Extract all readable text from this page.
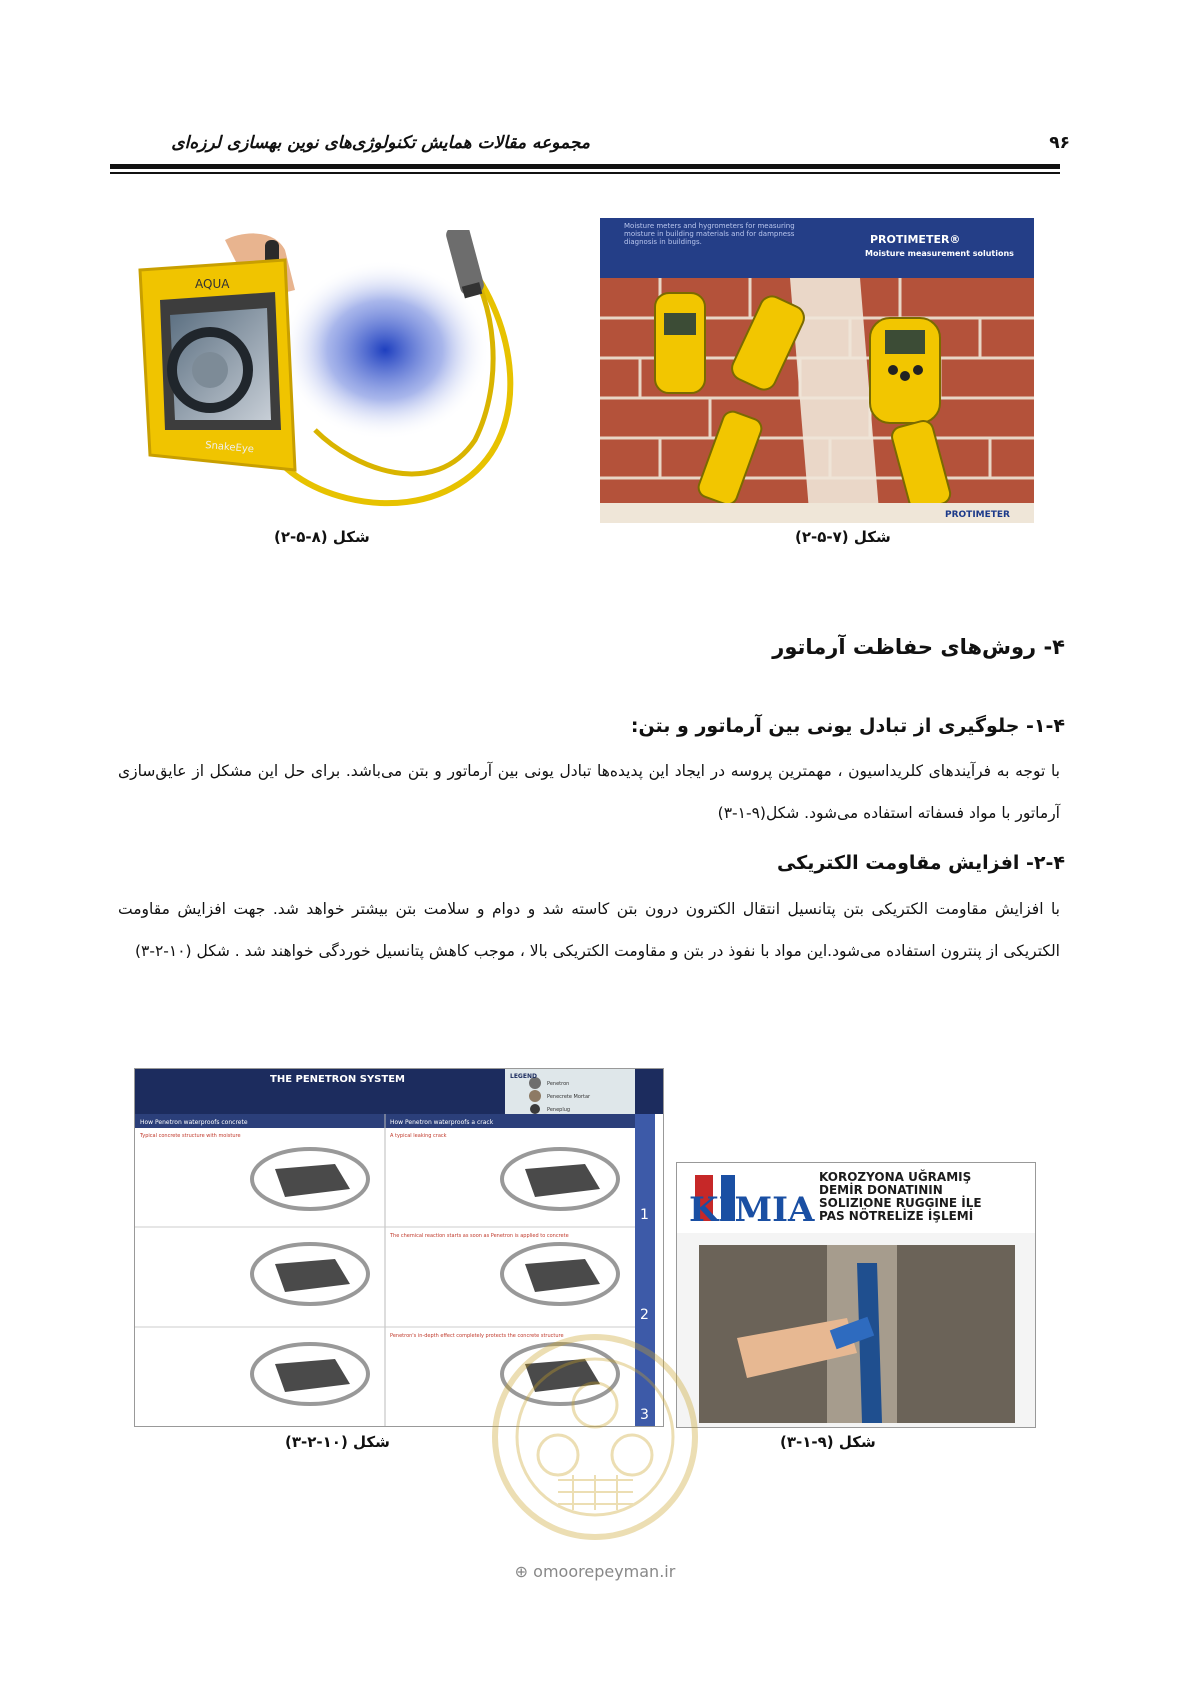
مجموعه مقالات همایش تکنولوژی‌های نوین بهسازی لرزه‌ای	۹۶
AQUA
SnakeEye
شکل (۸-۵-۲)
Moisture meters and hygrometers for measuring moisture in building materials and for dampness diagnosis in buildings.	PROTIMETER®
Moisture measurement solutions
PROTIMETER
شکل (۷-۵-۲)
۴- روش‌های حفاظت آرماتور
۱-۴- جلوگیری از تبادل یونی بین آرماتور و بتن:
با توجه به فرآیندهای کلریداسیون ، مهمترین پروسه در ایجاد این پدیده‌ها تبادل یونی بین آرماتور و بتن می‌باشد. برای حل این مشکل از عایق‌سازی آرماتور با مواد فسفاته استفاده می‌شود. شکل(۹-۱-۳)
۲-۴- افزایش مقاومت الکتریکی
با افزایش مقاومت الکتریکی بتن پتانسیل انتقال الکترون درون بتن کاسته شد و دوام و سلامت بتن بیشتر خواهد شد. جهت افزایش مقاومت الکتریکی از پنترون استفاده می‌شود.این مواد با نفوذ در بتن و مقاومت الکتریکی بالا ، موجب کاهش پتانسیل خوردگی خواهند شد . شکل (۱۰-۲-۳)
THE PENETRON SYSTEM	LEGEND
Penetron
Penecrete Mortar
Peneplug
How Penetron waterproofs concrete	How Penetron waterproofs a crack
Typical concrete structure with moisture	A typical leaking crack
The chemical reaction starts as soon as Penetron is applied to concrete
Penetron's in-depth effect completely protects the concrete structure
1
2
3
شکل (۱۰-۲-۳)
KIMIA
KOROZYONA UĞRAMIŞ
DEMİR DONATININ
SOLIZIONE RUGGINE İLE
PAS NÖTRELİZE İŞLEMİ
شکل (۹-۱-۳)
⊕ omoorepeyman.ir
